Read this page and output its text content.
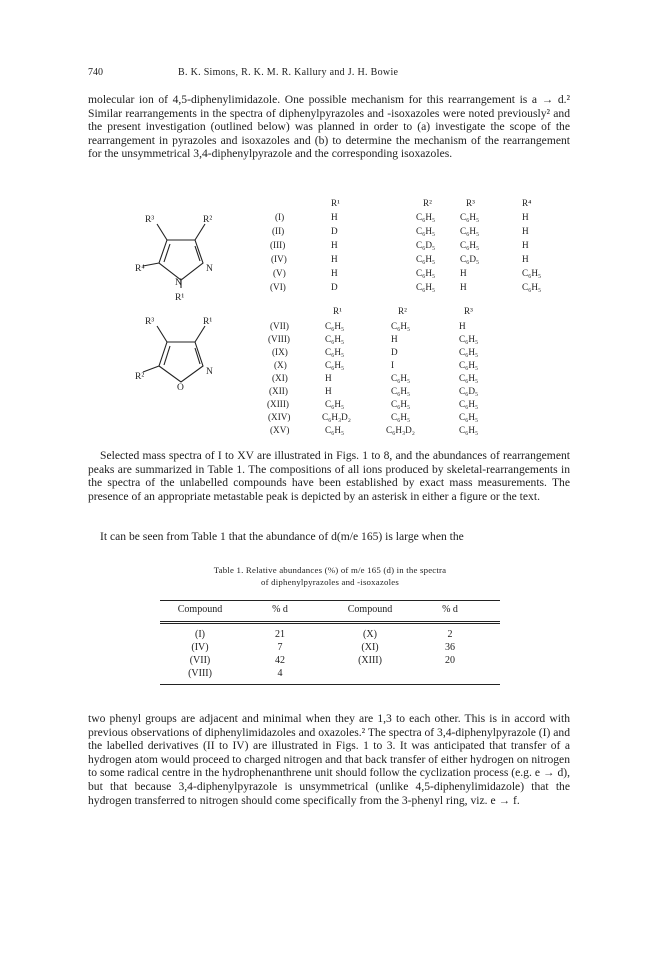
740	B. K. Simons, R. K. M. R. Kallury and J. H. Bowie

molecular ion of 4,5-diphenylimidazole. One possible mechanism for this rearrangement is a → d.² Similar rearrangements in the spectra of diphenylpyrazoles and -isoxazoles were noted previously² and the present investigation (outlined below) was planned in order to (a) investigate the scope of the rearrangement in pyrazoles and isoxazoles and (b) to determine the mechanism of the rearrangement for the unsymmetrical 3,4-diphenylpyrazole and the corresponding isoxazoles.

R³	R²
R⁴	N
N
R¹
R¹	R²	R³	R⁴
(I)	H	C₆H₅	C₆H₅	H
(II)	D	C₆H₅	C₆H₅	H
(III)	H	C₆D₅	C₆H₅	H
(IV)	H	C₆H₅	C₆D₅	H
(V)	H	C₆H₅	H	C₆H₅
(VI)	D	C₆H₅	H	C₆H₅
R³	R¹
R²
O
N
R¹	R²	R³
(VII)	C₆H₅	C₆H₅	H
(VIII)	C₆H₅	H	C₆H₅
(IX)	C₆H₅	D	C₆H₅
(X)	C₆H₅	I	C₆H₅
(XI)	H	C₆H₅	C₆H₅
(XII)	H	C₆H₅	C₆D₅
(XIII)	C₆H₅	C₆H₅	C₆H₅
(XIV)	C₆H₃D₂	C₆H₅	C₆H₅
(XV)	C₆H₅	C₆H₃D₂	C₆H₅

Selected mass spectra of I to XV are illustrated in Figs. 1 to 8, and the abundances of rearrangement peaks are summarized in Table 1. The compositions of all ions produced by skeletal-rearrangements in the spectra of the unlabelled compounds have been established by exact mass measurements. The presence of an appropriate metastable peak is depicted by an asterisk in either a figure or the text.

It can be seen from Table 1 that the abundance of d(m/e 165) is large when the

Table 1. Relative abundances (%) of m/e 165 (d) in the spectra
of diphenylpyrazoles and -isoxazoles
Compound	% d	Compound	% d
(I)	21	(X)	2
(IV)	7	(XI)	36
(VII)	42	(XIII)	20
(VIII)	4

two phenyl groups are adjacent and minimal when they are 1,3 to each other. This is in accord with previous observations of diphenylimidazoles and oxazoles.² The spectra of 3,4-diphenylpyrazole (I) and the labelled derivatives (II to IV) are illustrated in Figs. 1 to 3. It was anticipated that transfer of a hydrogen atom would proceed to charged nitrogen and that back transfer of either hydrogen on nitrogen to some radical centre in the hydrophenanthrene unit should follow the cyclization process (e.g. e → d), but that because 3,4-diphenylpyrazole is unsymmetrical (unlike 4,5-diphenylimidazole) that the hydrogen transferred to nitrogen should come specifically from the 3-phenyl ring, viz. e → f.
